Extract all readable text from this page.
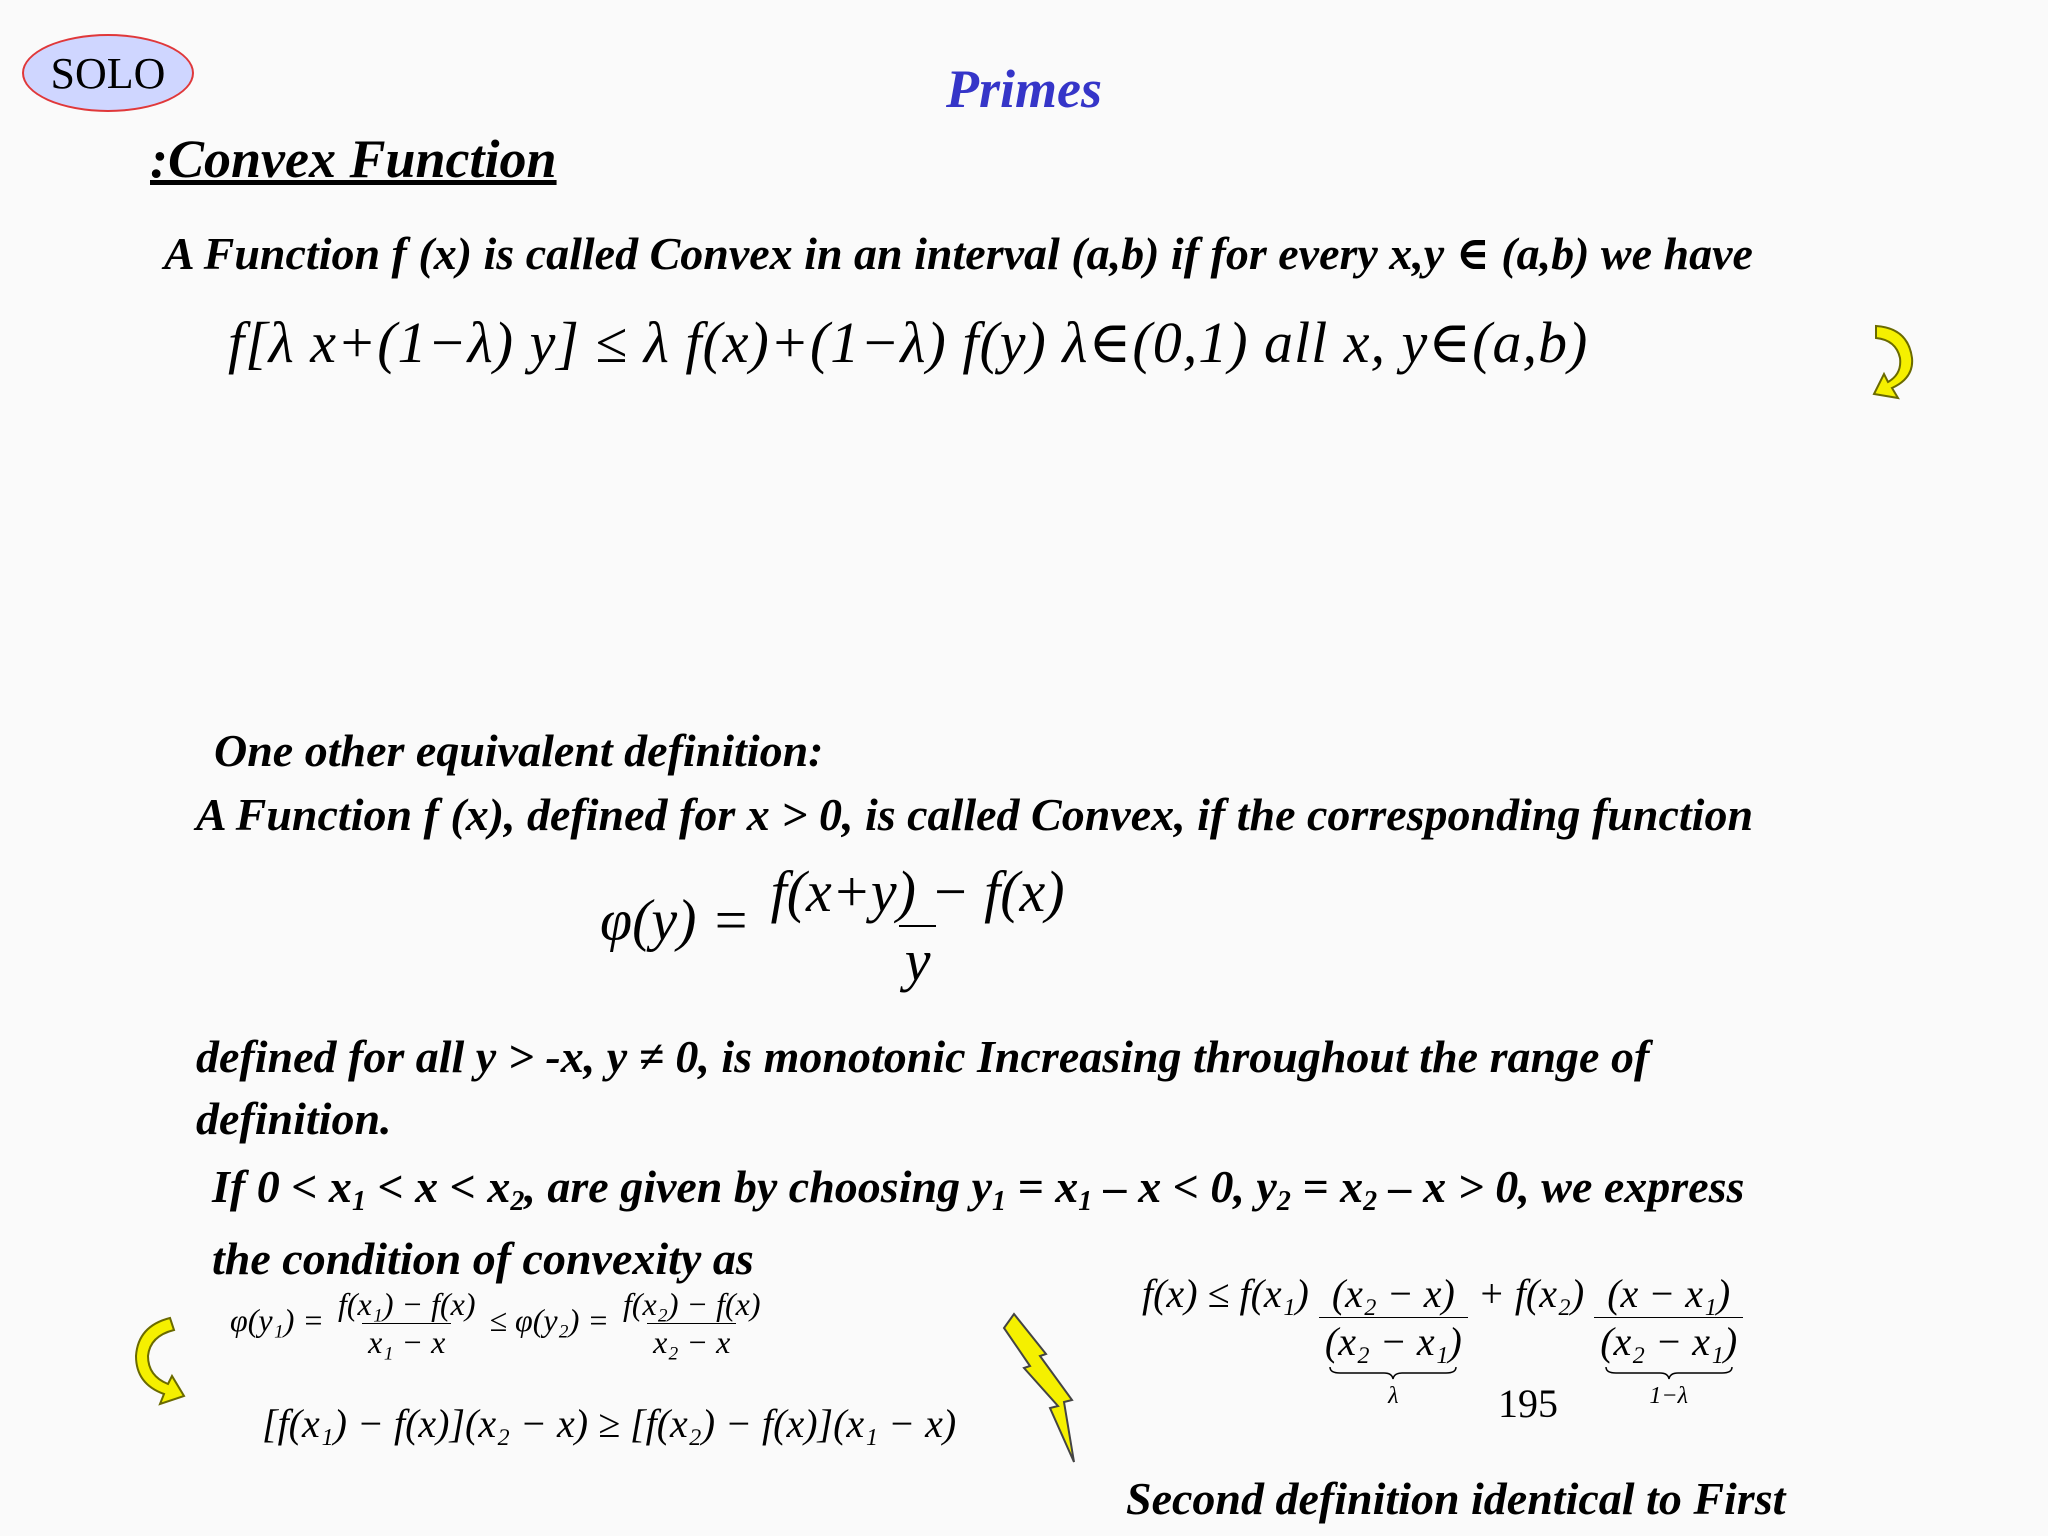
SOLO	Primes
:Convex Function
A Function f (x) is called Convex in an interval (a,b) if for every x,y ∈ (a,b) we have
f[λ x+(1−λ) y] ≤ λ f(x)+(1−λ) f(y) λ∈(0,1) all x, y∈(a,b)
One other equivalent definition:
A Function f (x), defined for x > 0, is called Convex, if the corresponding function
$\varphi(y) = \frac{f(x+y) - f(x)}{y}$
defined for all y > -x, y ≠ 0, is monotonic Increasing throughout the range of
definition.
If $0 < x_1 < x < x_2$, are given by choosing $y_1 = x_1 - x < 0$, $y_2 = x_2 - x > 0$, we express
the condition of convexity as
$\varphi(y_1) = \frac{\text{f(x₁) − f(x)}}{\text{x₁ − x}} \le \varphi(y_2) = \frac{\text{f(x₂) − f(x)}}{\text{x₂ − x}}$
[f(x₁) − f(x)](x₂ − x) ≥ [f(x₂) − f(x)](x₁ − x)
$f(x) \le f(x_1) \frac{\text{(x₂ − x)}}{\text{(x₂ − x₁)}}$
λ
+ $f(x_2) \frac{\text{(x − x₁)}}{\text{(x₂ − x₁)}}$
1−λ
195
Second definition identical to First
